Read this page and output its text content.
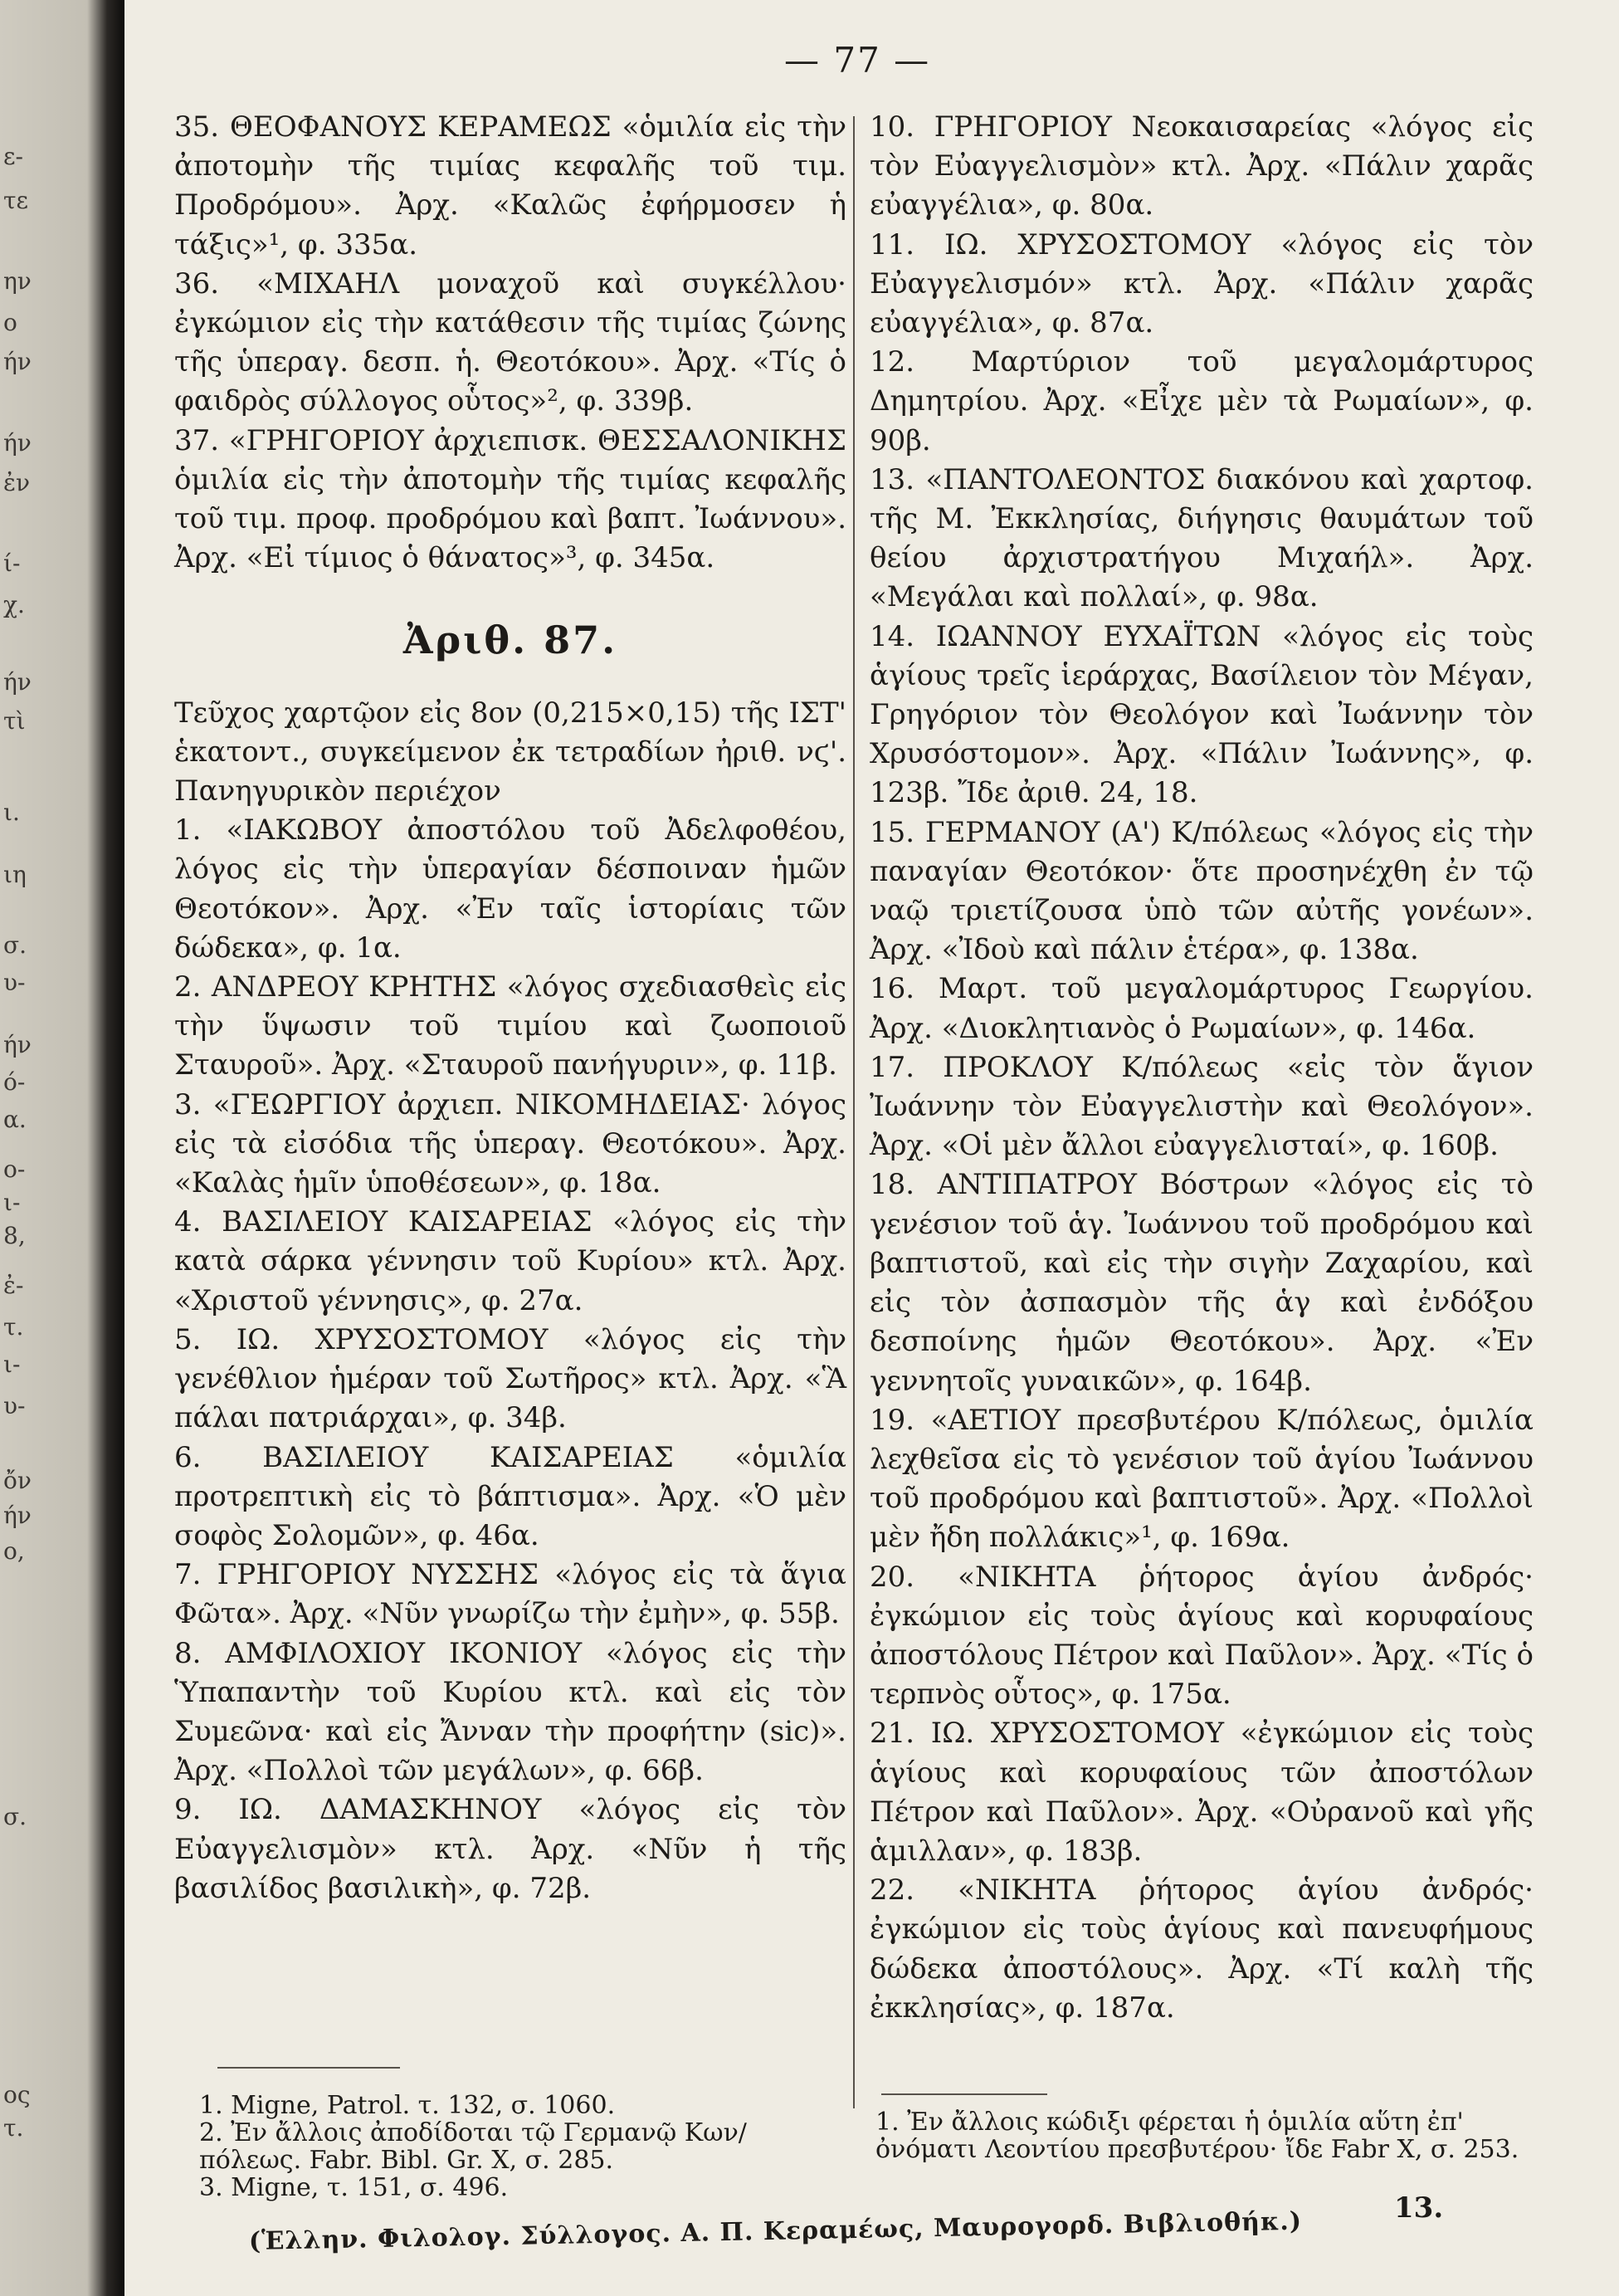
ε-
τε
ην
ο
ήν
ήν
ἐν
ί-
χ.
ήν
τὶ
ι.
ιη
σ.
υ-
ήν
ό-
α.
ο-
ι-
8,
ἐ-
τ.
ι-
υ-
ὄν
ήν
ο,
σ.
ος
τ.
— 77 —

35. ΘΕΟΦΑΝΟΥΣ ΚΕΡΑΜΕΩΣ «ὁμιλία εἰς τὴν ἀποτομὴν τῆς τιμίας κεφαλῆς τοῦ τιμ. Προδρόμου». Ἀρχ. «Καλῶς ἐφήρμοσεν ἡ τάξις»¹, φ. 335α.

36. «ΜΙΧΑΗΛ μοναχοῦ καὶ συγκέλλου· ἐγκώμιον εἰς τὴν κατάθεσιν τῆς τιμίας ζώνης τῆς ὑπεραγ. δεσπ. ἡ. Θεοτόκου». Ἀρχ. «Τίς ὁ φαιδρὸς σύλλογος οὗτος»², φ. 339β.

37. «ΓΡΗΓΟΡΙΟΥ ἀρχιεπισκ. ΘΕΣΣΑΛΟΝΙΚΗΣ ὁμιλία εἰς τὴν ἀποτομὴν τῆς τιμίας κεφαλῆς τοῦ τιμ. προφ. προδρόμου καὶ βαπτ. Ἰωάννου». Ἀρχ. «Εἰ τίμιος ὁ θάνατος»³, φ. 345α.

Ἀριθ. 87.

Τεῦχος χαρτῷον εἰς 8ον (0,215×0,15) τῆς ΙΣΤ' ἑκατοντ., συγκείμενον ἐκ τετραδίων ἠριθ. νϛ'. Πανηγυρικὸν περιέχον

1. «ΙΑΚΩΒΟΥ ἀποστόλου τοῦ Ἀδελφοθέου, λόγος εἰς τὴν ὑπεραγίαν δέσποιναν ἡμῶν Θεοτόκον». Ἀρχ. «Ἐν ταῖς ἱστορίαις τῶν δώδεκα», φ. 1α.

2. ΑΝΔΡΕΟΥ ΚΡΗΤΗΣ «λόγος σχεδιασθεὶς εἰς τὴν ὕψωσιν τοῦ τιμίου καὶ ζωοποιοῦ Σταυροῦ». Ἀρχ. «Σταυροῦ πανήγυριν», φ. 11β.

3. «ΓΕΩΡΓΙΟΥ ἀρχιεπ. ΝΙΚΟΜΗΔΕΙΑΣ· λόγος εἰς τὰ εἰσόδια τῆς ὑπεραγ. Θεοτόκου». Ἀρχ. «Καλὰς ἡμῖν ὑποθέσεων», φ. 18α.

4. ΒΑΣΙΛΕΙΟΥ ΚΑΙΣΑΡΕΙΑΣ «λόγος εἰς τὴν κατὰ σάρκα γέννησιν τοῦ Κυρίου» κτλ. Ἀρχ. «Χριστοῦ γέννησις», φ. 27α.

5. ΙΩ. ΧΡΥΣΟΣΤΟΜΟΥ «λόγος εἰς τὴν γενέθλιον ἡμέραν τοῦ Σωτῆρος» κτλ. Ἀρχ. «Ἃ πάλαι πατριάρχαι», φ. 34β.

6. ΒΑΣΙΛΕΙΟΥ ΚΑΙΣΑΡΕΙΑΣ «ὁμιλία προτρεπτικὴ εἰς τὸ βάπτισμα». Ἀρχ. «Ὁ μὲν σοφὸς Σολομῶν», φ. 46α.

7. ΓΡΗΓΟΡΙΟΥ ΝΥΣΣΗΣ «λόγος εἰς τὰ ἅγια Φῶτα». Ἀρχ. «Νῦν γνωρίζω τὴν ἐμὴν», φ. 55β.

8. ΑΜΦΙΛΟΧΙΟΥ ΙΚΟΝΙΟΥ «λόγος εἰς τὴν Ὑπαπαντὴν τοῦ Κυρίου κτλ. καὶ εἰς τὸν Συμεῶνα· καὶ εἰς Ἄνναν τὴν προφήτην (sic)». Ἀρχ. «Πολλοὶ τῶν μεγάλων», φ. 66β.

9. ΙΩ. ΔΑΜΑΣΚΗΝΟΥ «λόγος εἰς τὸν Εὐαγγελισμὸν» κτλ. Ἀρχ. «Νῦν ἡ τῆς βασιλίδος βασιλικὴ», φ. 72β.

10. ΓΡΗΓΟΡΙΟΥ Νεοκαισαρείας «λόγος εἰς τὸν Εὐαγγελισμὸν» κτλ. Ἀρχ. «Πάλιν χαρᾶς εὐαγγέλια», φ. 80α.

11. ΙΩ. ΧΡΥΣΟΣΤΟΜΟΥ «λόγος εἰς τὸν Εὐαγγελισμόν» κτλ. Ἀρχ. «Πάλιν χαρᾶς εὐαγγέλια», φ. 87α.

12. Μαρτύριον τοῦ μεγαλομάρτυρος Δημητρίου. Ἀρχ. «Εἶχε μὲν τὰ Ρωμαίων», φ. 90β.

13. «ΠΑΝΤΟΛΕΟΝΤΟΣ διακόνου καὶ χαρτοφ. τῆς Μ. Ἐκκλησίας, διήγησις θαυμάτων τοῦ θείου ἀρχιστρατήγου Μιχαήλ». Ἀρχ. «Μεγάλαι καὶ πολλαί», φ. 98α.

14. ΙΩΑΝΝΟΥ ΕΥΧΑΪΤΩΝ «λόγος εἰς τοὺς ἁγίους τρεῖς ἱεράρχας, Βασίλειον τὸν Μέγαν, Γρηγόριον τὸν Θεολόγον καὶ Ἰωάννην τὸν Χρυσόστομον». Ἀρχ. «Πάλιν Ἰωάννης», φ. 123β. Ἴδε ἀριθ. 24, 18.

15. ΓΕΡΜΑΝΟΥ (Α') Κ/πόλεως «λόγος εἰς τὴν παναγίαν Θεοτόκον· ὅτε προσηνέχθη ἐν τῷ ναῷ τριετίζουσα ὑπὸ τῶν αὐτῆς γονέων». Ἀρχ. «Ἰδοὺ καὶ πάλιν ἑτέρα», φ. 138α.

16. Μαρτ. τοῦ μεγαλομάρτυρος Γεωργίου. Ἀρχ. «Διοκλητιανὸς ὁ Ρωμαίων», φ. 146α.

17. ΠΡΟΚΛΟΥ Κ/πόλεως «εἰς τὸν ἅγιον Ἰωάννην τὸν Εὐαγγελιστὴν καὶ Θεολόγον». Ἀρχ. «Οἱ μὲν ἄλλοι εὐαγγελισταί», φ. 160β.

18. ΑΝΤΙΠΑΤΡΟΥ Βόστρων «λόγος εἰς τὸ γενέσιον τοῦ ἁγ. Ἰωάννου τοῦ προδρόμου καὶ βαπτιστοῦ, καὶ εἰς τὴν σιγὴν Ζαχαρίου, καὶ εἰς τὸν ἀσπασμὸν τῆς ἁγ καὶ ἐνδόξου δεσποίνης ἡμῶν Θεοτόκου». Ἀρχ. «Ἐν γεννητοῖς γυναικῶν», φ. 164β.

19. «ΑΕΤΙΟΥ πρεσβυτέρου Κ/πόλεως, ὁμιλία λεχθεῖσα εἰς τὸ γενέσιον τοῦ ἁγίου Ἰωάννου τοῦ προδρόμου καὶ βαπτιστοῦ». Ἀρχ. «Πολλοὶ μὲν ἤδη πολλάκις»¹, φ. 169α.

20. «ΝΙΚΗΤΑ ῥήτορος ἁγίου ἀνδρός· ἐγκώμιον εἰς τοὺς ἁγίους καὶ κορυφαίους ἀποστόλους Πέτρον καὶ Παῦλον». Ἀρχ. «Τίς ὁ τερπνὸς οὗτος», φ. 175α.

21. ΙΩ. ΧΡΥΣΟΣΤΟΜΟΥ «ἐγκώμιον εἰς τοὺς ἁγίους καὶ κορυφαίους τῶν ἀποστόλων Πέτρον καὶ Παῦλον». Ἀρχ. «Οὐρανοῦ καὶ γῆς ἁμιλλαν», φ. 183β.

22. «ΝΙΚΗΤΑ ῥήτορος ἁγίου ἀνδρός· ἐγκώμιον εἰς τοὺς ἁγίους καὶ πανευφήμους δώδεκα ἀποστόλους». Ἀρχ. «Τί καλὴ τῆς ἐκκλησίας», φ. 187α.

1. Migne, Patrol. τ. 132, σ. 1060.

2. Ἐν ἄλλοις ἀποδίδοται τῷ Γερμανῷ Κων/πόλεως. Fabr. Bibl. Gr. X, σ. 285.

3. Migne, τ. 151, σ. 496.

1. Ἐν ἄλλοις κώδιξι φέρεται ἡ ὁμιλία αὕτη ἐπ' ὀνόματι Λεοντίου πρεσβυτέρου· ἴδε Fabr X, σ. 253.

13.
(Ἑλλην. Φιλολογ. Σύλλογος. Α. Π. Κεραμέως, Μαυρογορδ. Βιβλιοθήκ.)
